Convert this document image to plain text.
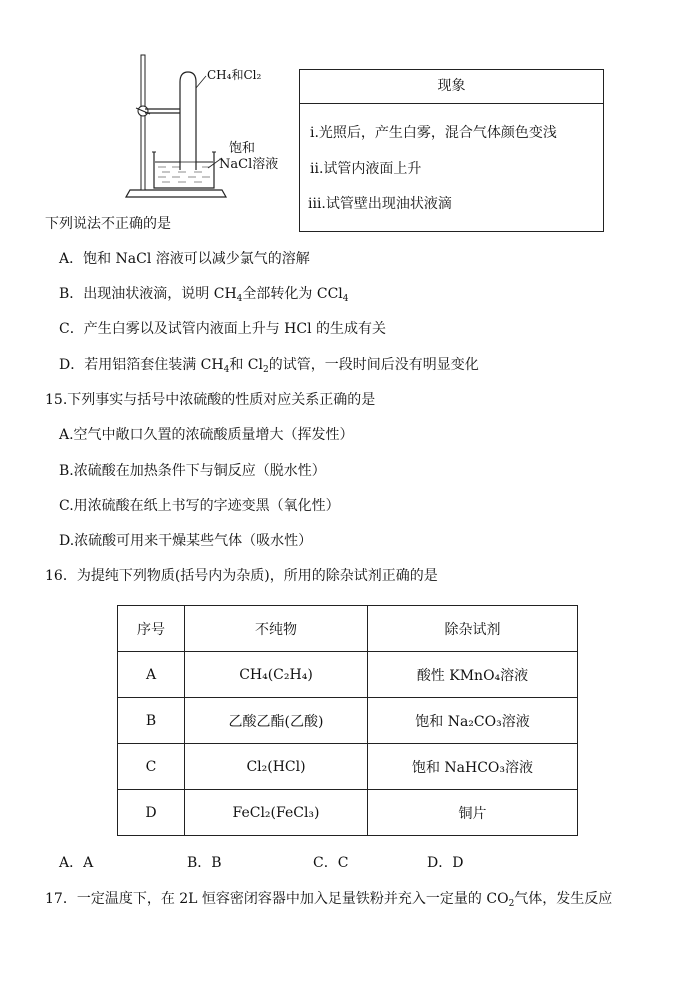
CH₄和Cl₂
饱和
NaCl溶液
现象
ⅰ.光照后，产生白雾，混合气体颜色变浅
ⅱ.试管内液面上升
ⅲ.试管壁出现油状液滴
下列说法不正确的是
A．饱和 NaCl 溶液可以减少氯气的溶解
B．出现油状液滴，说明 $CH_4$全部转化为 CCl$_4$
C．产生白雾以及试管内液面上升与 HCl 的生成有关
D．若用铝箔套住装满 $CH_4$和 $Cl_2$的试管，一段时间后没有明显变化
15.下列事实与括号中浓硫酸的性质对应关系正确的是
A.空气中敞口久置的浓硫酸质量增大（挥发性）
B.浓硫酸在加热条件下与铜反应（脱水性）
C.用浓硫酸在纸上书写的字迹变黑（氧化性）
D.浓硫酸可用来干燥某些气体（吸水性）
16．为提纯下列物质(括号内为杂质)，所用的除杂试剂正确的是
序号	不纯物	除杂试剂
A	CH₄(C₂H₄)	酸性 KMnO₄溶液
B	乙酸乙酯(乙酸)	饱和 Na₂CO₃溶液
C	Cl₂(HCl)	饱和 NaHCO₃溶液
D	FeCl₂(FeCl₃)	铜片
A．A	B．B	C．C	D．D
17．一定温度下，在 2L 恒容密闭容器中加入足量铁粉并充入一定量的 $CO_2$气体，发生反应
